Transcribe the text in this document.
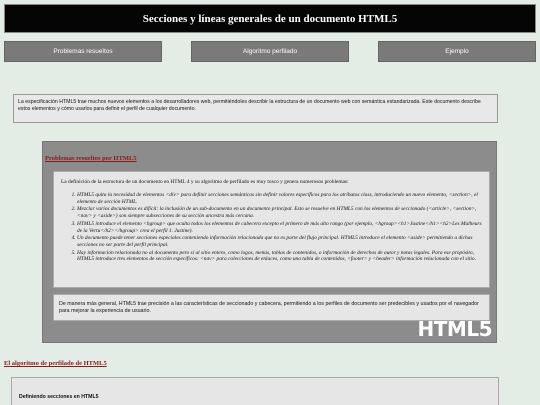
Secciones y líneas generales de un documento HTML5
Problemas resueltos	Algoritmo perfilado	Ejemplo
La especificación HTML5 trae muchos nuevos elementos a los desarrolladores web, permitiéndoles describir la estructura de un documento web con semántica estandarizada. Este documento describe estos elementos y cómo usarlos para definir el perfil de cualquier documento.
Problemas resueltos por HTML5

La definición de la estructura de un documento en HTML 4 y su algoritmo de perfilado es muy tosco y genera numerosos problemas:

1. HTML5 quita la necesidad de elementos <div> para definir secciones semánticas sin definir valores específicos para los atributos class, introduciendo un nuevo elemento, <section>, el elemento de sección HTML.
2. Mezclar varios documentos es difícil: la inclusión de un sub-documento en un documento principal. Esto se resuelve en HTML5 con los elementos de seccionado (<article>, <section>, <nav> y <aside>) son siempre subsecciones de su sección ancestra más cercana.
3. HTML5 introduce el elemento <hgroup> que oculta todos los elementos de cabecera excepto el primero de más alto rango (por ejemplo, <hgroup><h1>Justine</h1><h2>Les Malheurs de la Vertu</h2></hgroup> crea el perfil 1. Justine).
4. Un documento puede tener secciones especiales conteniendo información relacionada que no es parte del flujo principal. HTML5 introduce el elemento <aside> permitiendo a dichas secciones no ser parte del perfil principal.
5. Hay información relacionada no al documento pero sí al sitio entero, como logos, menús, tablas de contenidos, o información de derechos de autor y notas legales. Para ese propósito, HTML5 introduce tres elementos de sección específicos: <nav> para colecciones de enlaces, como una tabla de contenidos, <footer> y <header> información relacionada con el sitio.
De manera más general, HTML5 trae precisión a las características de seccionado y cabecera, permitiendo a los perfiles de documento ser predecibles y usados por el navegador para mejorar la experiencia de usuario.
HTML5
El algoritmo de perfilado de HTML5
Definiendo secciones en HTML5
